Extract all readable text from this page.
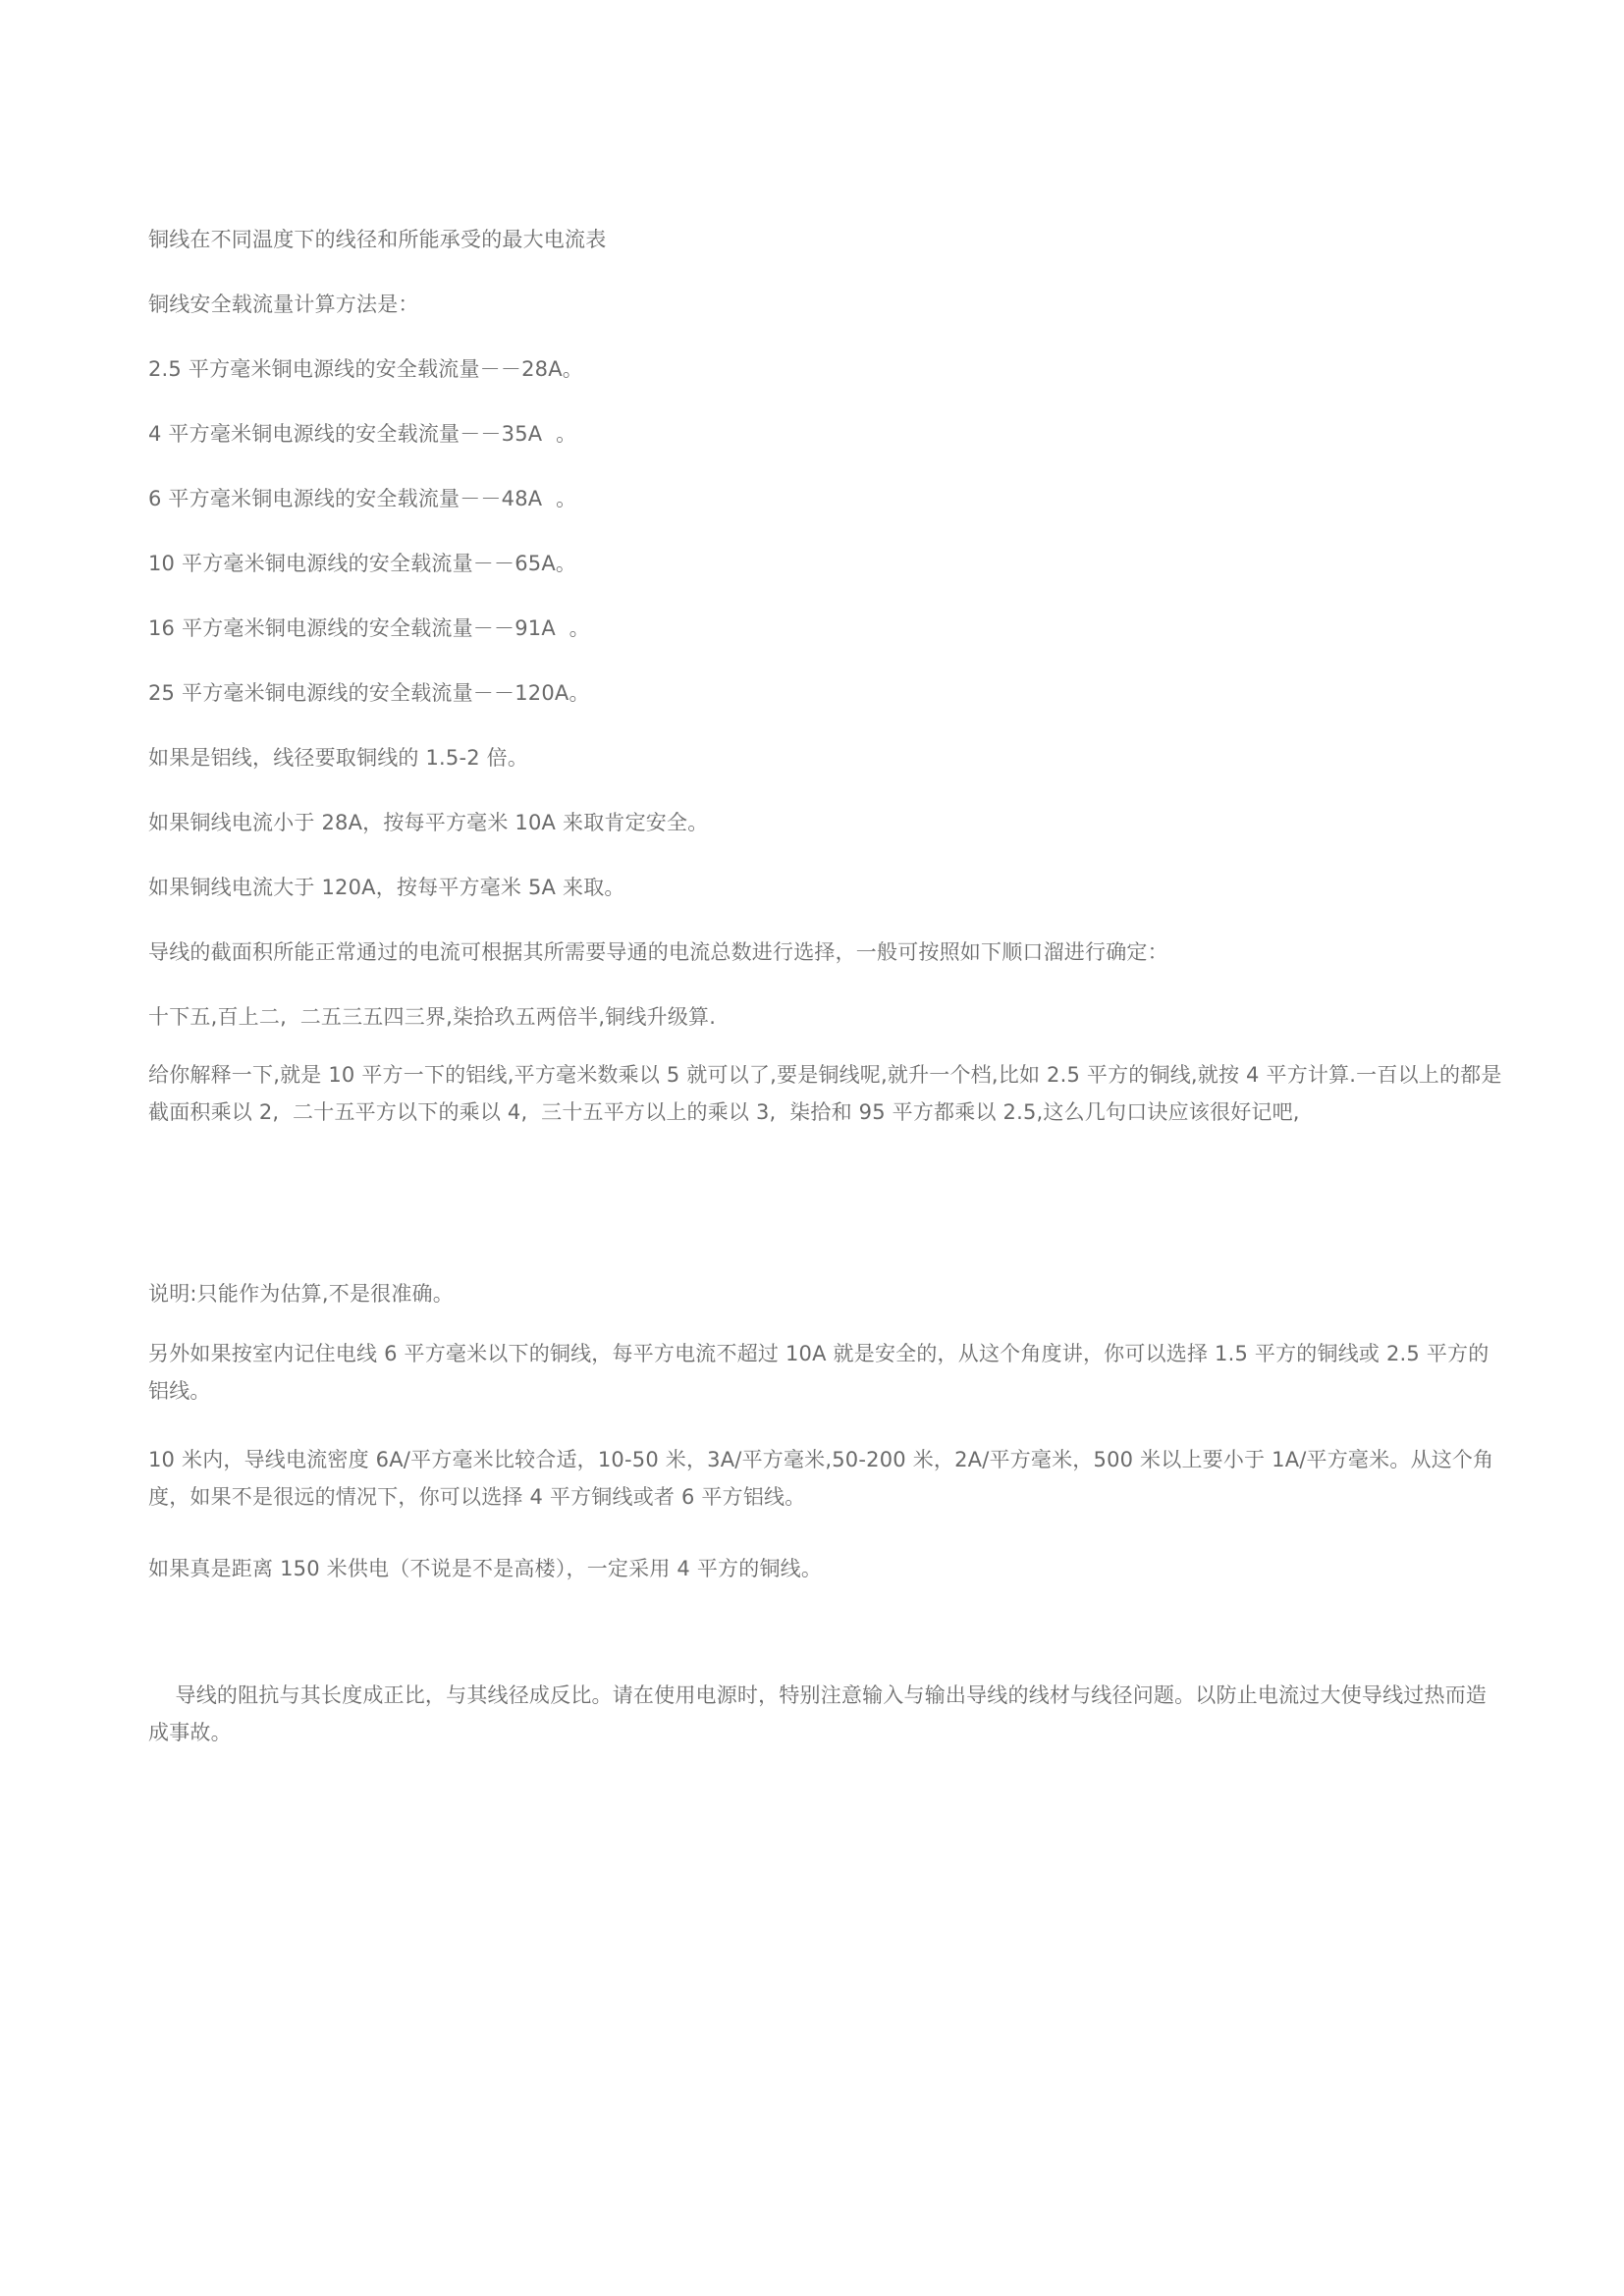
铜线在不同温度下的线径和所能承受的最大电流表

铜线安全载流量计算方法是：

2.5 平方毫米铜电源线的安全载流量－－28A。

4 平方毫米铜电源线的安全载流量－－35A  。

6 平方毫米铜电源线的安全载流量－－48A  。

10 平方毫米铜电源线的安全载流量－－65A。

16 平方毫米铜电源线的安全载流量－－91A  。

25 平方毫米铜电源线的安全载流量－－120A。

如果是铝线，线径要取铜线的 1.5-2 倍。

如果铜线电流小于 28A，按每平方毫米 10A 来取肯定安全。

如果铜线电流大于 120A，按每平方毫米 5A 来取。

导线的截面积所能正常通过的电流可根据其所需要导通的电流总数进行选择，一般可按照如下顺口溜进行确定：

十下五,百上二,  二五三五四三界,柒拾玖五两倍半,铜线升级算.

给你解释一下,就是 10 平方一下的铝线,平方毫米数乘以 5 就可以了,要是铜线呢,就升一个档,比如 2.5 平方的铜线,就按 4 平方计算.一百以上的都是截面积乘以 2,  二十五平方以下的乘以 4,  三十五平方以上的乘以 3,  柒拾和 95 平方都乘以 2.5,这么几句口诀应该很好记吧,

说明:只能作为估算,不是很准确。

另外如果按室内记住电线 6 平方毫米以下的铜线，每平方电流不超过 10A 就是安全的，从这个角度讲，你可以选择 1.5 平方的铜线或 2.5 平方的铝线。

10 米内，导线电流密度 6A/平方毫米比较合适，10-50 米，3A/平方毫米,50-200 米，2A/平方毫米，500 米以上要小于 1A/平方毫米。从这个角度，如果不是很远的情况下，你可以选择 4 平方铜线或者 6 平方铝线。

如果真是距离 150 米供电（不说是不是高楼），一定采用 4 平方的铜线。

导线的阻抗与其长度成正比，与其线径成反比。请在使用电源时，特别注意输入与输出导线的线材与线径问题。以防止电流过大使导线过热而造成事故。
